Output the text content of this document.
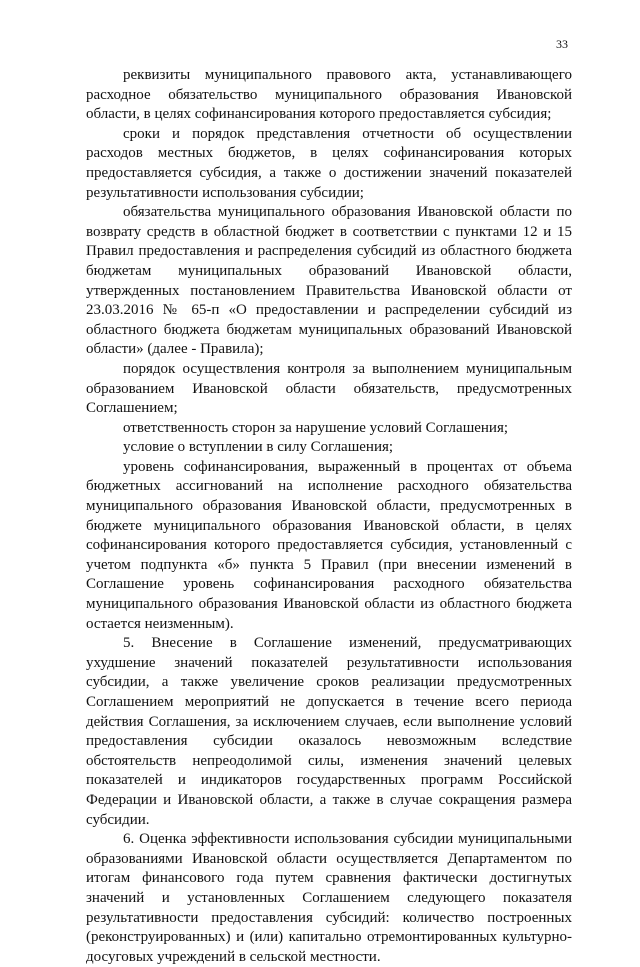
33

реквизиты муниципального правового акта, устанавливающего расходное обязательство муниципального образования Ивановской области, в целях софинансирования которого предоставляется субсидия;

сроки и порядок представления отчетности об осуществлении расходов местных бюджетов, в целях софинансирования которых предоставляется субсидия, а также о достижении значений показателей результативности использования субсидии;

обязательства муниципального образования Ивановской области по возврату средств в областной бюджет в соответствии с пунктами 12 и 15 Правил предоставления и распределения субсидий из областного бюджета бюджетам муниципальных образований Ивановской области, утвержденных постановлением Правительства Ивановской области от 23.03.2016 № 65-п «О предоставлении и распределении субсидий из областного бюджета бюджетам муниципальных образований Ивановской области» (далее - Правила);

порядок осуществления контроля за выполнением муниципальным образованием Ивановской области обязательств, предусмотренных Соглашением;

ответственность сторон за нарушение условий Соглашения;

условие о вступлении в силу Соглашения;

уровень софинансирования, выраженный в процентах от объема бюджетных ассигнований на исполнение расходного обязательства муниципального образования Ивановской области, предусмотренных в бюджете муниципального образования Ивановской области, в целях софинансирования которого предоставляется субсидия, установленный с учетом подпункта «б» пункта 5 Правил (при внесении изменений в Соглашение уровень софинансирования расходного обязательства муниципального образования Ивановской области из областного бюджета остается неизменным).

5. Внесение в Соглашение изменений, предусматривающих ухудшение значений показателей результативности использования субсидии, а также увеличение сроков реализации предусмотренных Соглашением мероприятий не допускается в течение всего периода действия Соглашения, за исключением случаев, если выполнение условий предоставления субсидии оказалось невозможным вследствие обстоятельств непреодолимой силы, изменения значений целевых показателей и индикаторов государственных программ Российской Федерации и Ивановской области, а также в случае сокращения размера субсидии.

6. Оценка эффективности использования субсидии муниципальными образованиями Ивановской области осуществляется Департаментом по итогам финансового года путем сравнения фактически достигнутых значений и установленных Соглашением следующего показателя результативности предоставления субсидий: количество построенных (реконструированных) и (или) капитально отремонтированных культурно-досуговых учреждений в сельской местности.
